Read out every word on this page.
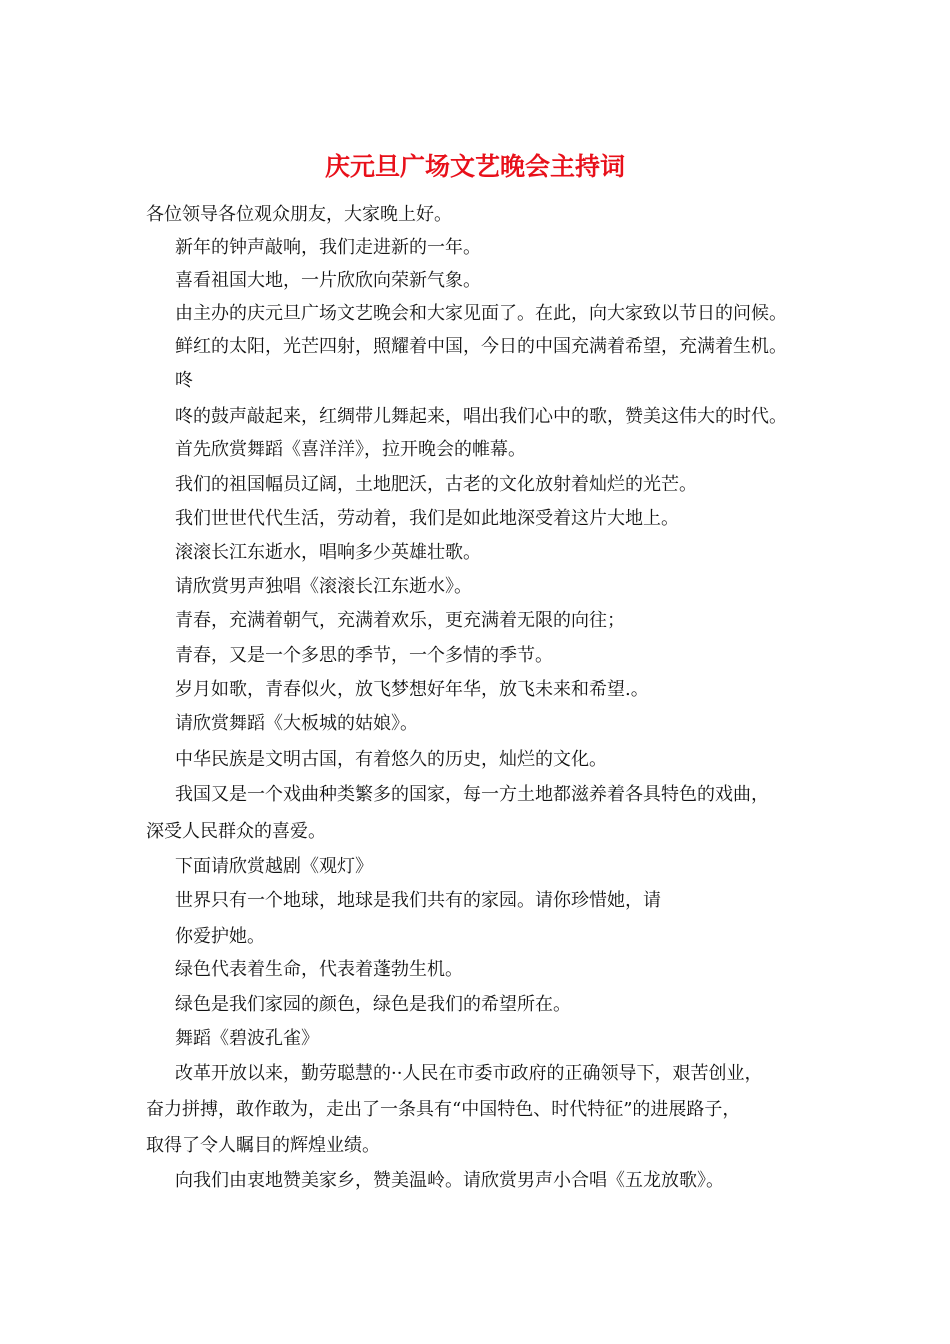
庆元旦广场文艺晚会主持词
各位领导各位观众朋友，大家晚上好。
新年的钟声敲响，我们走进新的一年。
喜看祖国大地，一片欣欣向荣新气象。
由主办的庆元旦广场文艺晚会和大家见面了。在此，向大家致以节日的问候。
鲜红的太阳，光芒四射，照耀着中国，今日的中国充满着希望，充满着生机。
咚
咚的鼓声敲起来，红绸带儿舞起来，唱出我们心中的歌，赞美这伟大的时代。
首先欣赏舞蹈《喜洋洋》，拉开晚会的帷幕。
我们的祖国幅员辽阔，土地肥沃，古老的文化放射着灿烂的光芒。
我们世世代代生活，劳动着，我们是如此地深受着这片大地上。
滚滚长江东逝水，唱响多少英雄壮歌。
请欣赏男声独唱《滚滚长江东逝水》。
青春，充满着朝气，充满着欢乐，更充满着无限的向往；
青春，又是一个多思的季节，一个多情的季节。
岁月如歌，青春似火，放飞梦想好年华，放飞未来和希望.。
请欣赏舞蹈《大板城的姑娘》。
中华民族是文明古国，有着悠久的历史，灿烂的文化。
我国又是一个戏曲种类繁多的国家，每一方土地都滋养着各具特色的戏曲，
深受人民群众的喜爱。
下面请欣赏越剧《观灯》
世界只有一个地球，地球是我们共有的家园。请你珍惜她，请
你爱护她。
绿色代表着生命，代表着蓬勃生机。
绿色是我们家园的颜色，绿色是我们的希望所在。
舞蹈《碧波孔雀》
改革开放以来，勤劳聪慧的··人民在市委市政府的正确领导下，艰苦创业，
奋力拼搏，敢作敢为，走出了一条具有“中国特色、时代特征”的进展路子，
取得了令人瞩目的辉煌业绩。
向我们由衷地赞美家乡，赞美温岭。请欣赏男声小合唱《五龙放歌》。
